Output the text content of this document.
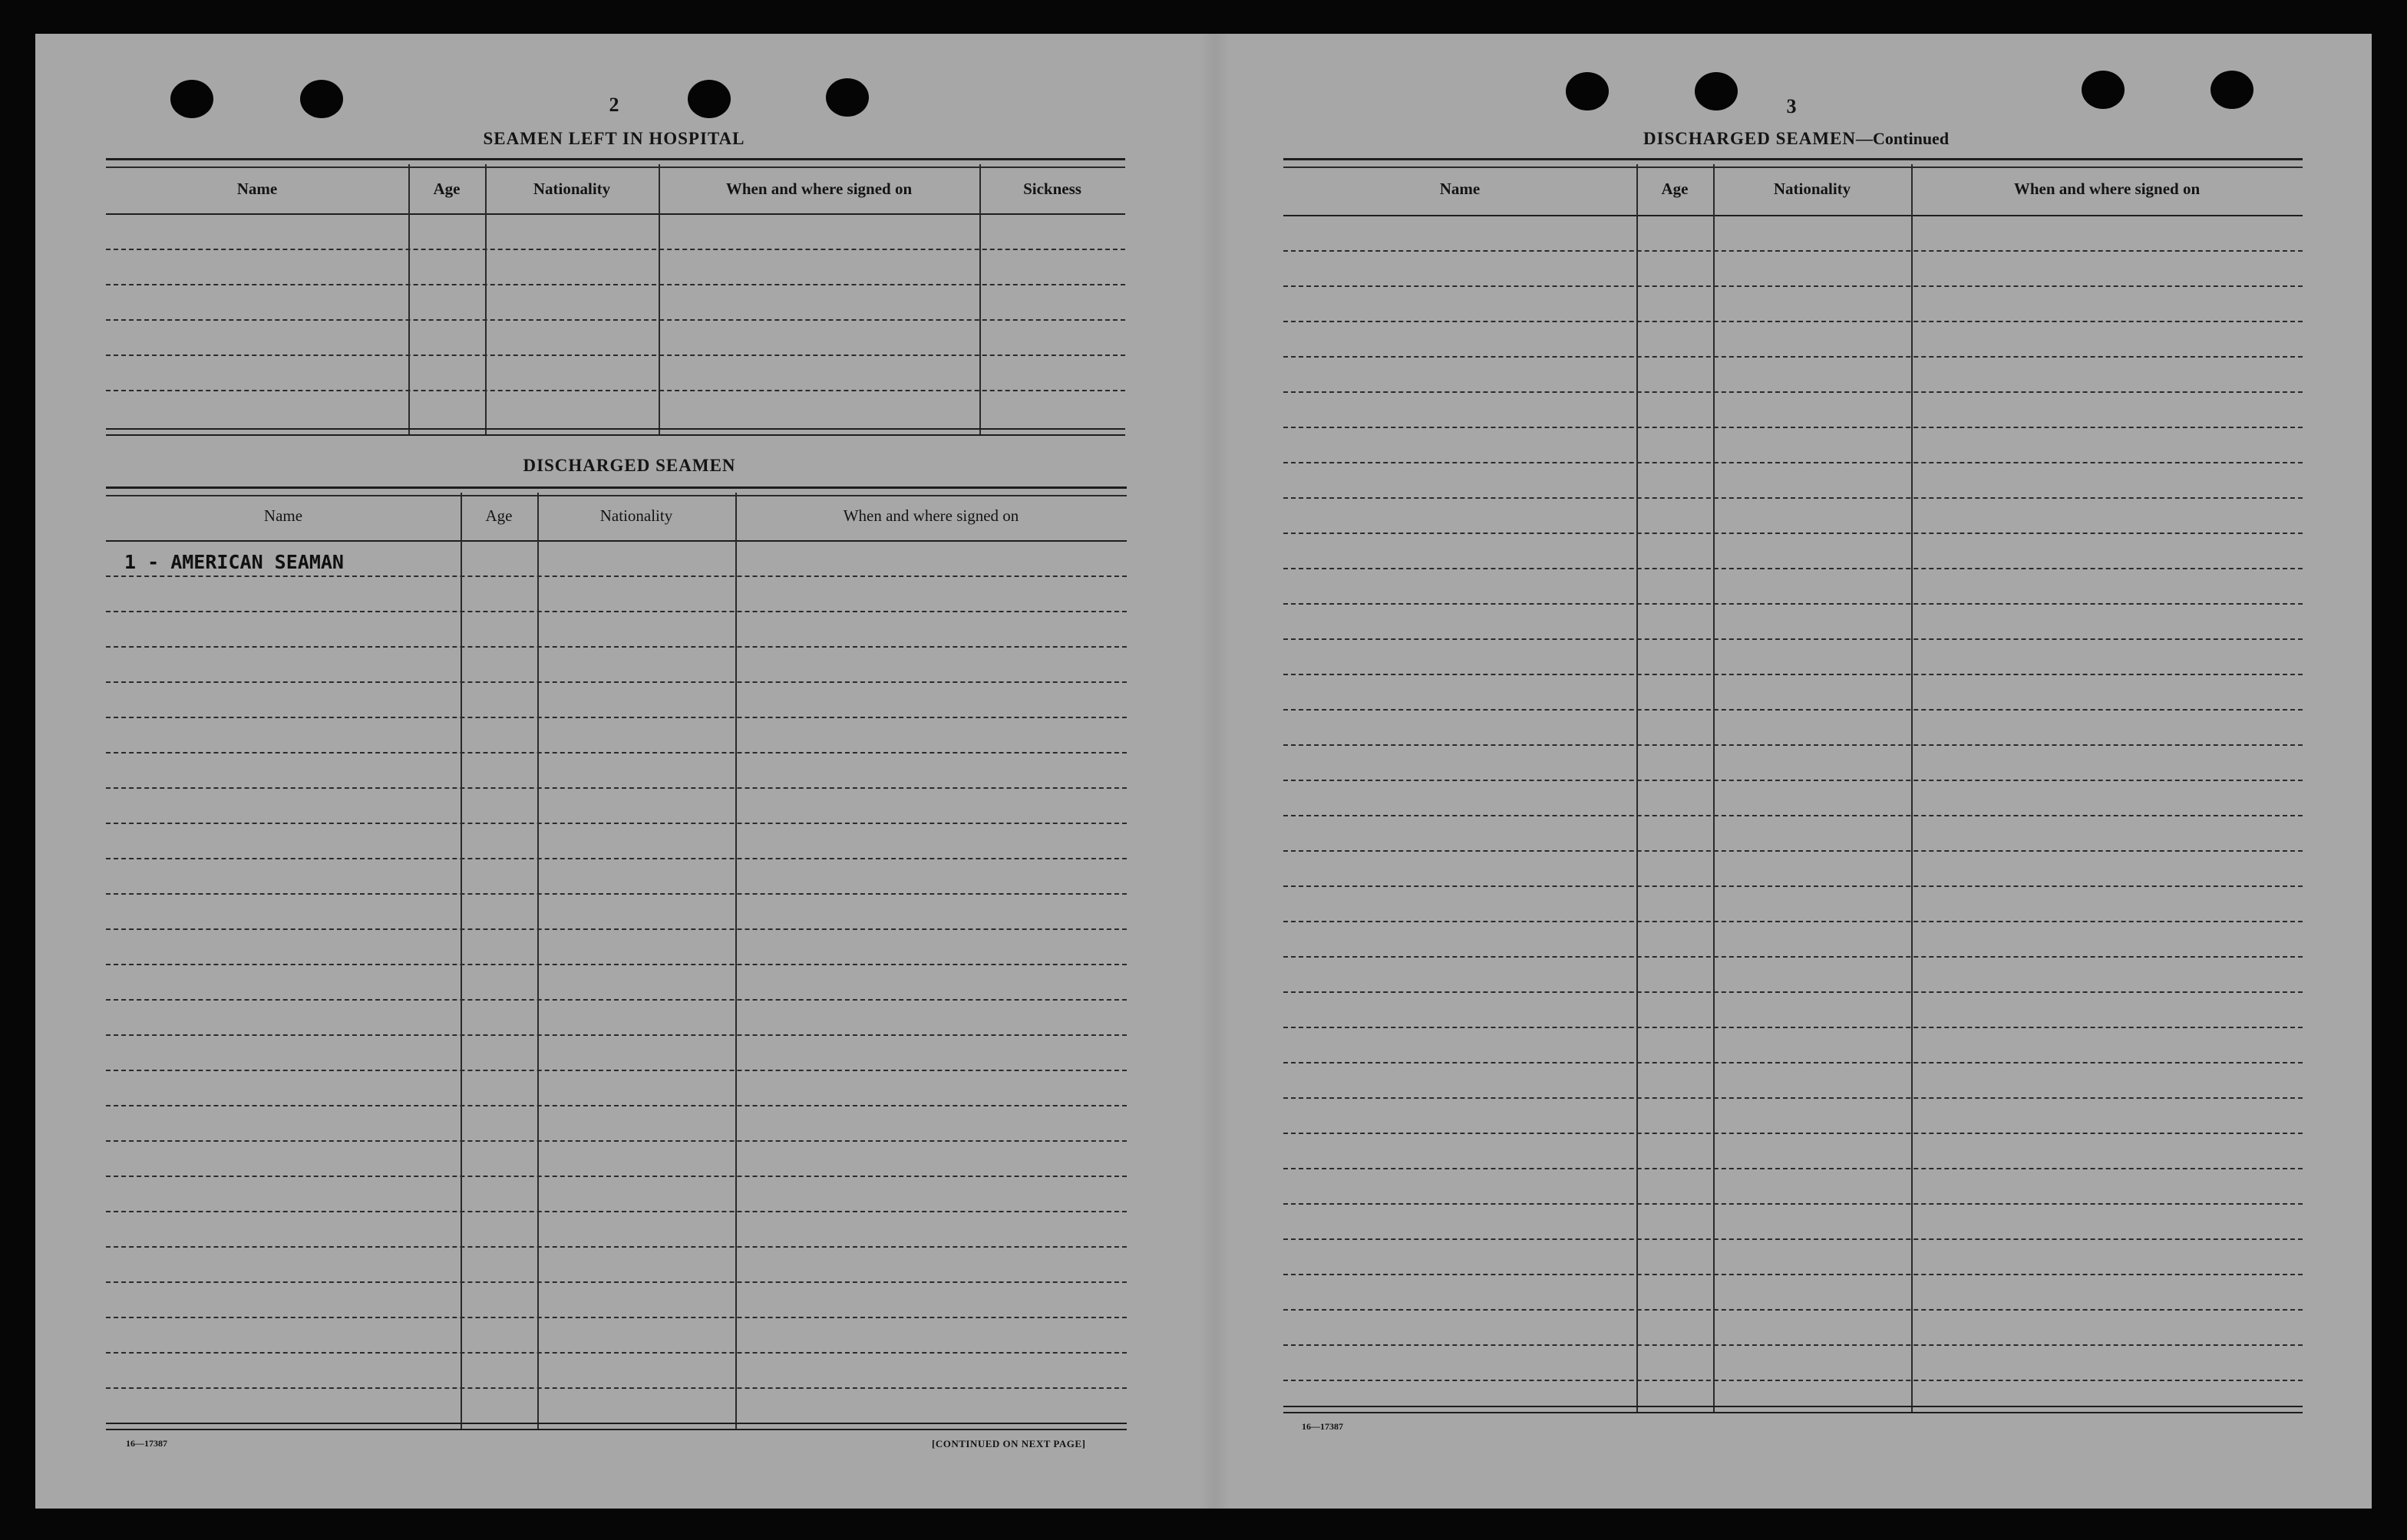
2
SEAMEN LEFT IN HOSPITAL
Name	Age	Nationality	When and where signed on	Sickness
DISCHARGED SEAMEN
Name	Age	Nationality	When and where signed on
1 - AMERICAN SEAMAN
16—17387	[CONTINUED ON NEXT PAGE]
3
DISCHARGED SEAMEN—Continued
Name	Age	Nationality	When and where signed on
16—17387
